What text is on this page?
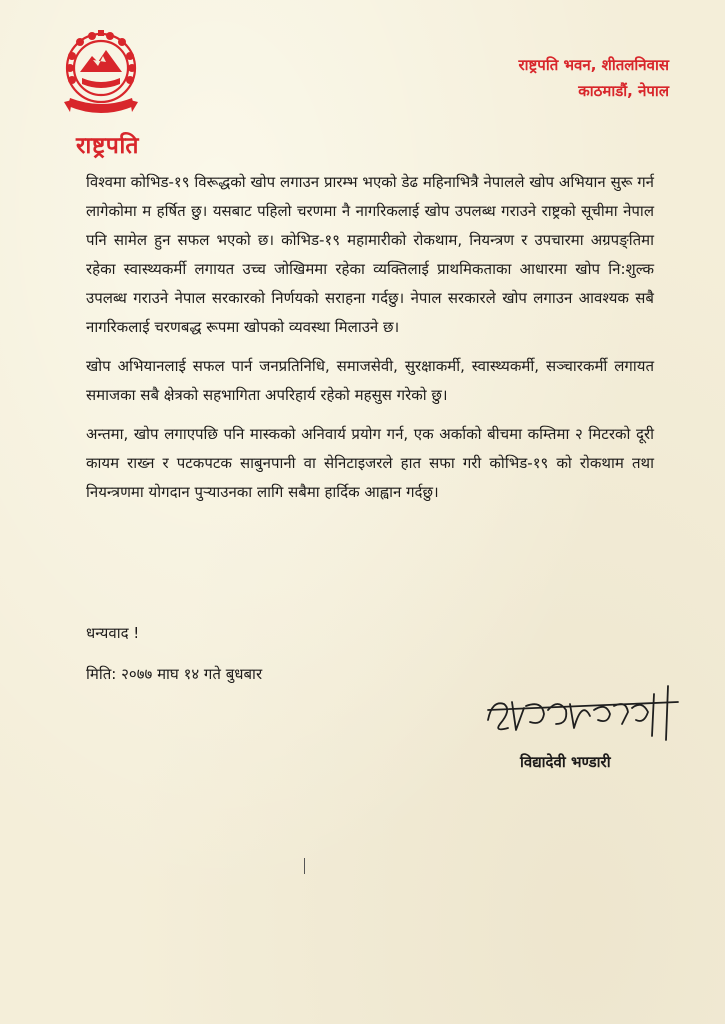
राष्ट्रपति
राष्ट्रपति भवन, शीतलनिवास
काठमाडौं, नेपाल

विश्वमा कोभिड-१९ विरूद्धको खोप लगाउन प्रारम्भ भएको डेढ महिनाभित्रै नेपालले खोप अभियान सुरू गर्न लागेकोमा म हर्षित छु। यसबाट पहिलो चरणमा नै नागरिकलाई खोप उपलब्ध गराउने राष्ट्रको सूचीमा नेपाल पनि सामेल हुन सफल भएको छ। कोभिड-१९ महामारीको रोकथाम, नियन्त्रण र उपचारमा अग्रपङ्तिमा रहेका स्वास्थ्यकर्मी लगायत उच्च जोखिममा रहेका व्यक्तिलाई प्राथमिकताका आधारमा खोप नि:शुल्क उपलब्ध गराउने नेपाल सरकारको निर्णयको सराहना गर्दछु। नेपाल सरकारले खोप लगाउन आवश्यक सबै नागरिकलाई चरणबद्ध रूपमा खोपको व्यवस्था मिलाउने छ।

खोप अभियानलाई सफल पार्न जनप्रतिनिधि, समाजसेवी, सुरक्षाकर्मी, स्वास्थ्यकर्मी, सञ्चारकर्मी लगायत समाजका सबै क्षेत्रको सहभागिता अपरिहार्य रहेको महसुस गरेको छु।

अन्तमा, खोप लगाएपछि पनि मास्कको अनिवार्य प्रयोग गर्न, एक अर्काको बीचमा कम्तिमा २ मिटरको दूरी कायम राख्न र पटकपटक साबुनपानी वा सेनिटाइजरले हात सफा गरी कोभिड-१९ को रोकथाम तथा नियन्त्रणमा योगदान पुऱ्याउनका लागि सबैमा हार्दिक आह्वान गर्दछु।

धन्यवाद !
मिति: २०७७ माघ १४ गते बुधबार
विद्यादेवी भण्डारी
